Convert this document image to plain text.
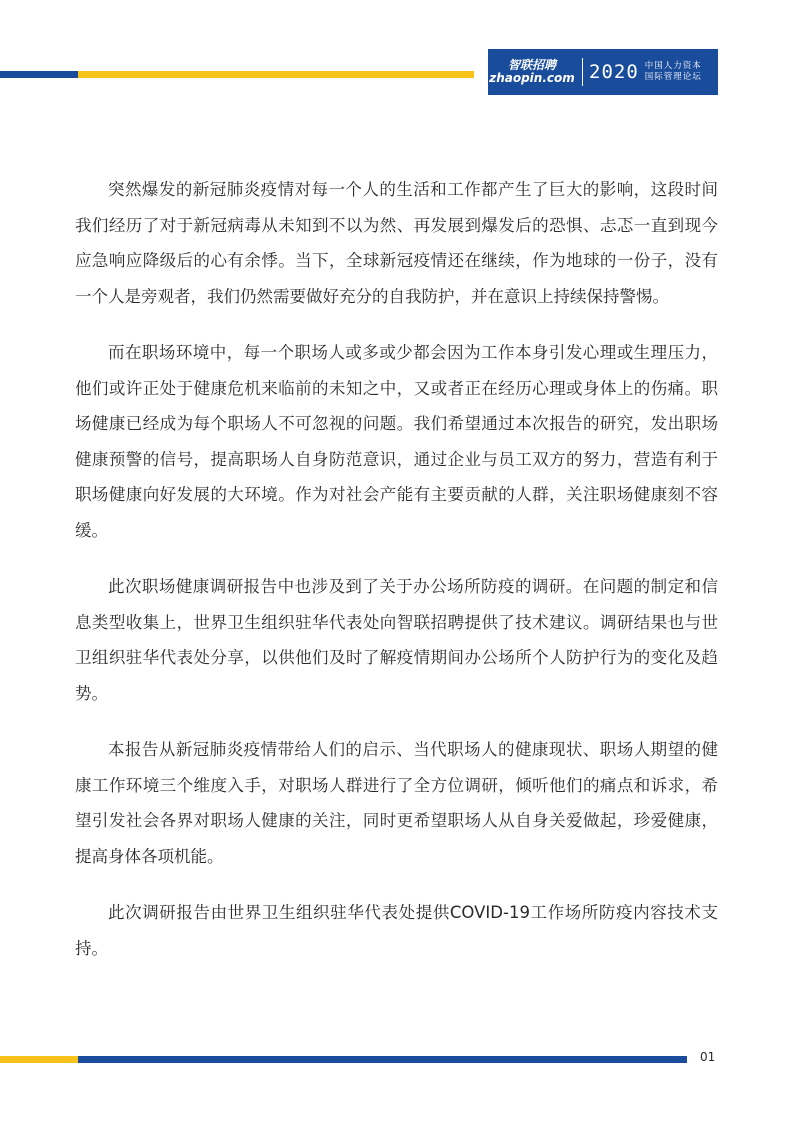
智联招聘
zhaopin.com 2020 中国人力资本
国际管理论坛

突然爆发的新冠肺炎疫情对每一个人的生活和工作都产生了巨大的影响，这段时间我们经历了对于新冠病毒从未知到不以为然、再发展到爆发后的恐惧、忐忑一直到现今应急响应降级后的心有余悸。当下，全球新冠疫情还在继续，作为地球的一份子，没有一个人是旁观者，我们仍然需要做好充分的自我防护，并在意识上持续保持警惕。

而在职场环境中，每一个职场人或多或少都会因为工作本身引发心理或生理压力，他们或许正处于健康危机来临前的未知之中，又或者正在经历心理或身体上的伤痛。职场健康已经成为每个职场人不可忽视的问题。我们希望通过本次报告的研究，发出职场健康预警的信号，提高职场人自身防范意识，通过企业与员工双方的努力，营造有利于职场健康向好发展的大环境。作为对社会产能有主要贡献的人群，关注职场健康刻不容缓。

此次职场健康调研报告中也涉及到了关于办公场所防疫的调研。在问题的制定和信息类型收集上，世界卫生组织驻华代表处向智联招聘提供了技术建议。调研结果也与世卫组织驻华代表处分享，以供他们及时了解疫情期间办公场所个人防护行为的变化及趋势。

本报告从新冠肺炎疫情带给人们的启示、当代职场人的健康现状、职场人期望的健康工作环境三个维度入手，对职场人群进行了全方位调研，倾听他们的痛点和诉求，希望引发社会各界对职场人健康的关注，同时更希望职场人从自身关爱做起，珍爱健康，提高身体各项机能。

此次调研报告由世界卫生组织驻华代表处提供COVID-19工作场所防疫内容技术支持。

01
